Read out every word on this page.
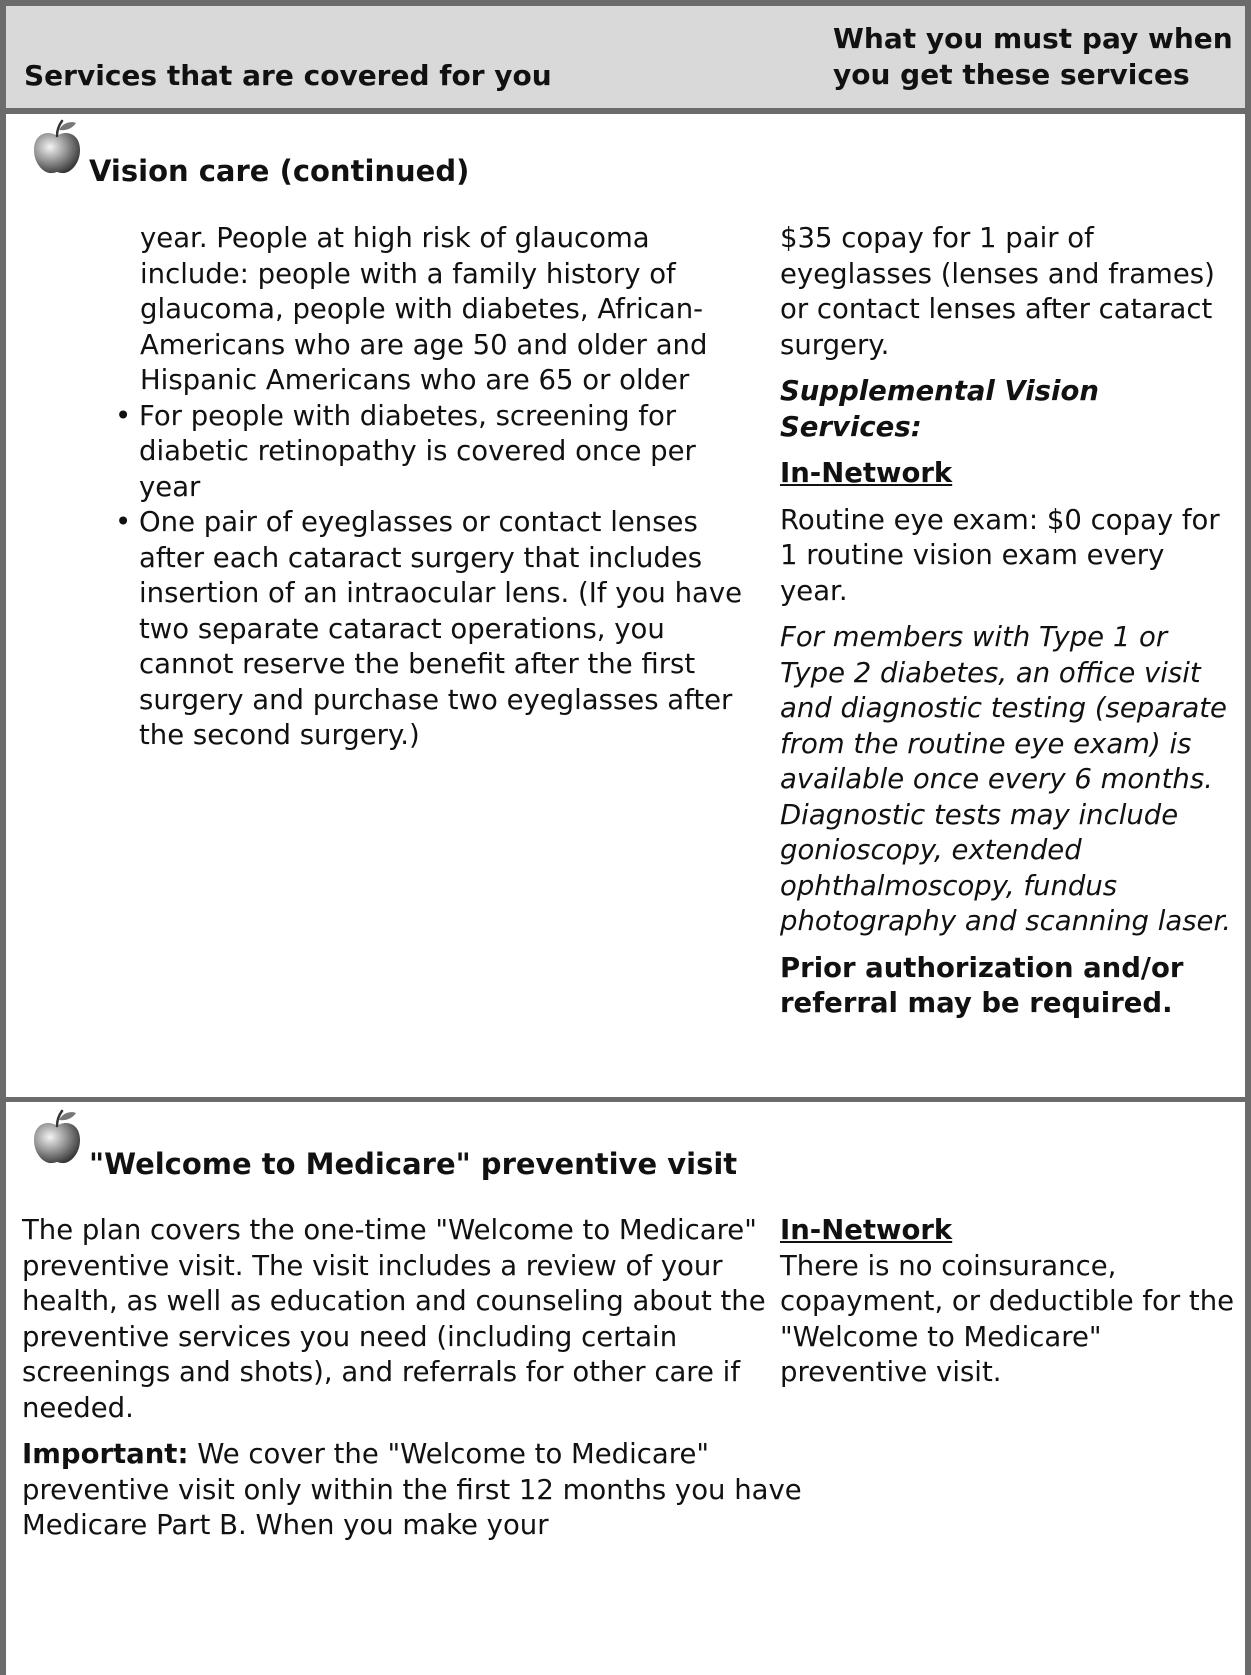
Services that are covered for you
What you must pay when you get these services
Vision care (continued)

year. People at high risk of glaucoma include: people with a family history of glaucoma, people with diabetes, African-Americans who are age 50 and older and Hispanic Americans who are 65 or older

• For people with diabetes, screening for diabetic retinopathy is covered once per year
• One pair of eyeglasses or contact lenses after each cataract surgery that includes insertion of an intraocular lens. (If you have two separate cataract operations, you cannot reserve the benefit after the first surgery and purchase two eyeglasses after the second surgery.)

$35 copay for 1 pair of eyeglasses (lenses and frames) or contact lenses after cataract surgery.

Supplemental Vision Services:

In-Network

Routine eye exam: $0 copay for 1 routine vision exam every year.

For members with Type 1 or Type 2 diabetes, an office visit and diagnostic testing (separate from the routine eye exam) is available once every 6 months. Diagnostic tests may include gonioscopy, extended ophthalmoscopy, fundus photography and scanning laser.

Prior authorization and/or referral may be required.

"Welcome to Medicare" preventive visit

The plan covers the one-time "Welcome to Medicare" preventive visit. The visit includes a review of your health, as well as education and counseling about the preventive services you need (including certain screenings and shots), and referrals for other care if needed.

Important: We cover the "Welcome to Medicare" preventive visit only within the first 12 months you have Medicare Part B. When you make your

In-Network

There is no coinsurance, copayment, or deductible for the "Welcome to Medicare" preventive visit.
